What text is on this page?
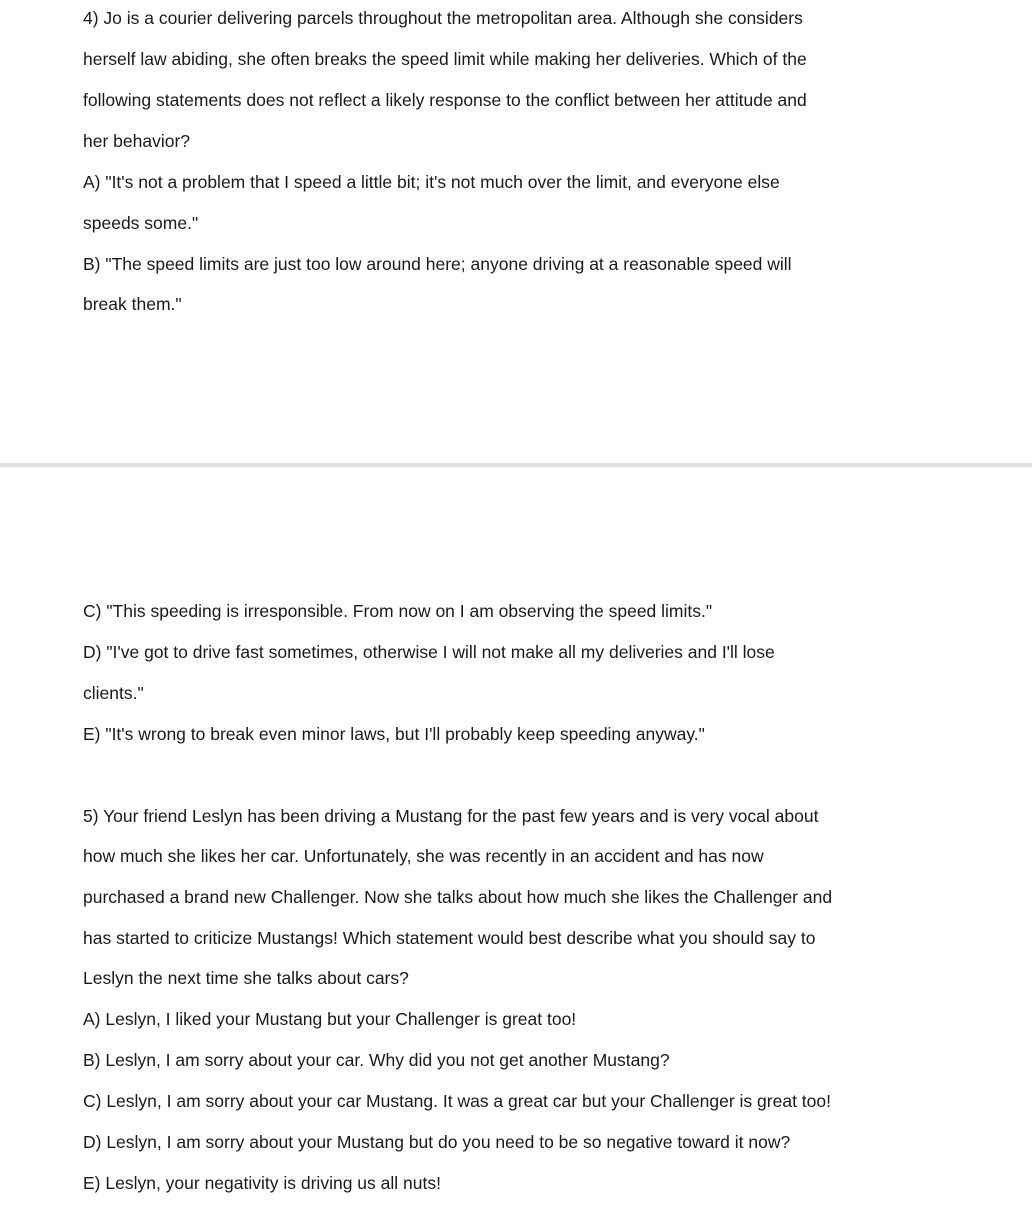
4) Jo is a courier delivering parcels throughout the metropolitan area. Although she considers

herself law abiding, she often breaks the speed limit while making her deliveries. Which of the

following statements does not reflect a likely response to the conflict between her attitude and

her behavior?

A) "It's not a problem that I speed a little bit; it's not much over the limit, and everyone else

speeds some."

B) "The speed limits are just too low around here; anyone driving at a reasonable speed will

break them."

C) "This speeding is irresponsible. From now on I am observing the speed limits."

D) "I've got to drive fast sometimes, otherwise I will not make all my deliveries and I'll lose

clients."

E) "It's wrong to break even minor laws, but I'll probably keep speeding anyway."

5) Your friend Leslyn has been driving a Mustang for the past few years and is very vocal about

how much she likes her car. Unfortunately, she was recently in an accident and has now

purchased a brand new Challenger. Now she talks about how much she likes the Challenger and

has started to criticize Mustangs! Which statement would best describe what you should say to

Leslyn the next time she talks about cars?

A) Leslyn, I liked your Mustang but your Challenger is great too!

B) Leslyn, I am sorry about your car. Why did you not get another Mustang?

C) Leslyn, I am sorry about your car Mustang. It was a great car but your Challenger is great too!

D) Leslyn, I am sorry about your Mustang but do you need to be so negative toward it now?

E) Leslyn, your negativity is driving us all nuts!
